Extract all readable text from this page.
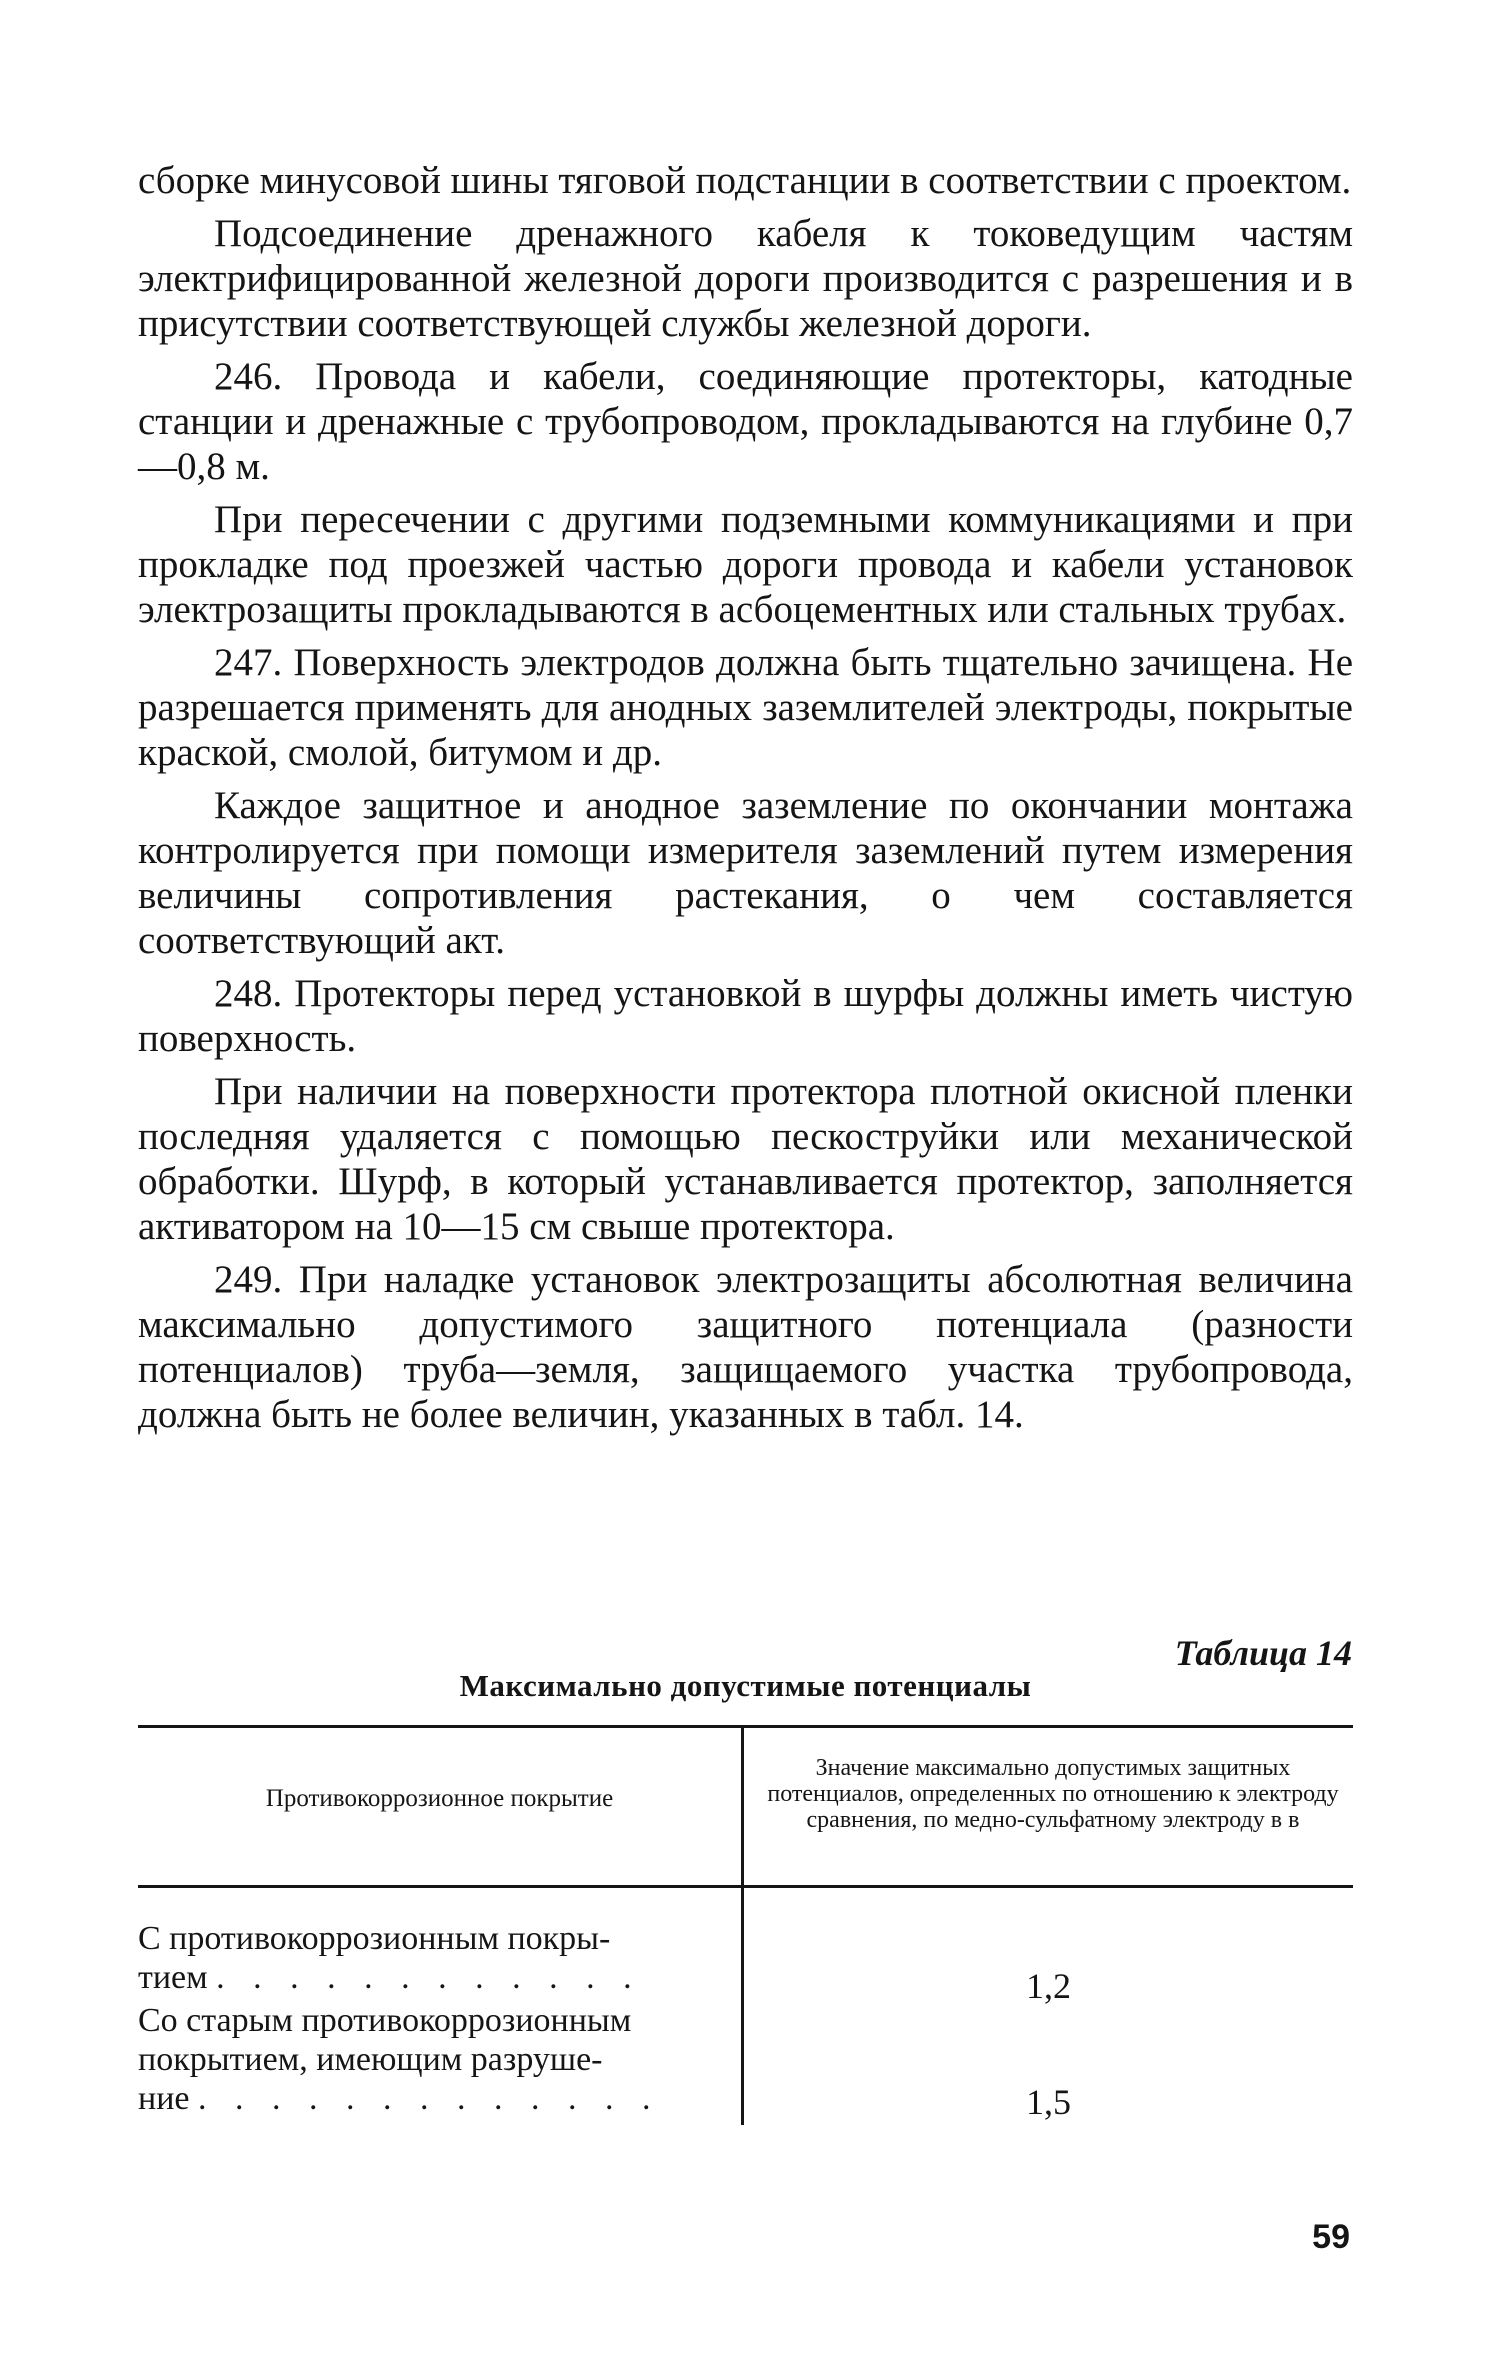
сборке минусовой шины тяговой подстанции в соответствии с проектом.

Подсоединение дренажного кабеля к токоведущим частям электрифицированной железной дороги производится с разрешения и в присутствии соответствующей службы железной дороги.

246. Провода и кабели, соединяющие протекторы, катодные станции и дренажные с трубопроводом, прокладываются на глубине 0,7—0,8 м.

При пересечении с другими подземными коммуникациями и при прокладке под проезжей частью дороги провода и кабели установок электрозащиты прокладываются в асбоцементных или стальных трубах.

247. Поверхность электродов должна быть тщательно зачищена. Не разрешается применять для анодных заземлителей электроды, покрытые краской, смолой, битумом и др.

Каждое защитное и анодное заземление по окончании монтажа контролируется при помощи измерителя заземлений путем измерения величины сопротивления растекания, о чем составляется соответствующий акт.

248. Протекторы перед установкой в шурфы должны иметь чистую поверхность.

При наличии на поверхности протектора плотной окисной пленки последняя удаляется с помощью пескоструйки или механической обработки. Шурф, в который устанавливается протектор, заполняется активатором на 10—15 см свыше протектора.

249. При наладке установок электрозащиты абсолютная величина максимально допустимого защитного потенциала (разности потенциалов) труба—земля, защищаемого участка трубопровода, должна быть не более величин, указанных в табл. 14.

Таблица 14
Максимально допустимые потенциалы
Противокоррозионное покрытие
Значение максимально допустимых защитных потенциалов, определенных по отношению к электроду сравнения, по медно-сульфатному электроду в в
С противокоррозионным покры-
тием . . . . . . . . . . . .	1,2
Со старым противокоррозионным
покрытием, имеющим разруше-
ние . . . . . . . . . . . . .	1,5
59
